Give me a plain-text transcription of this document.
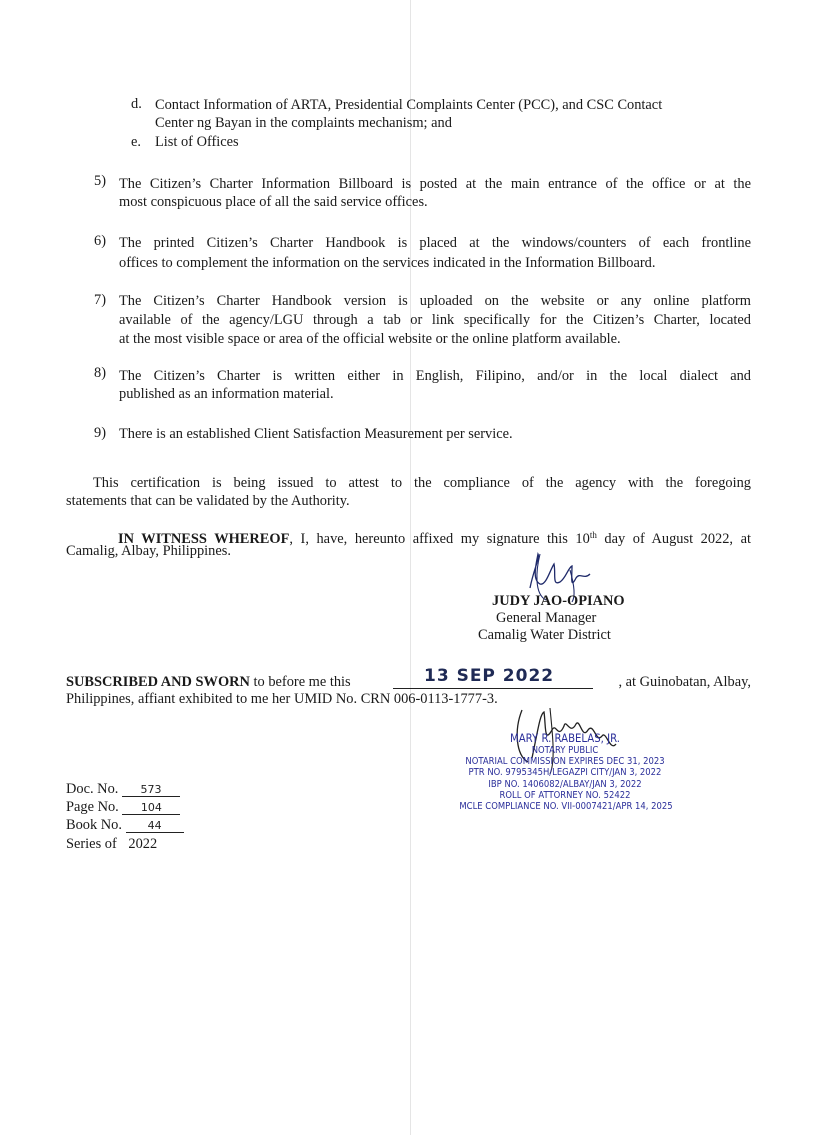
d. Contact Information of ARTA, Presidential Complaints Center (PCC), and CSC Contact
Center ng Bayan in the complaints mechanism; and
e. List of Offices
5) The Citizen’s Charter Information Billboard is posted at the main entrance of the office or at the
most conspicuous place of all the said service offices.
6) The printed Citizen’s Charter Handbook is placed at the windows/counters of each frontline
offices to complement the information on the services indicated in the Information Billboard.
7) The Citizen’s Charter Handbook version is uploaded on the website or any online platform
available of the agency/LGU through a tab or link specifically for the Citizen’s Charter, located
at the most visible space or area of the official website or the online platform available.
8) The Citizen’s Charter is written either in English, Filipino, and/or in the local dialect and
published as an information material.
9) There is an established Client Satisfaction Measurement per service.
This certification is being issued to attest to the compliance of the agency with the foregoing
statements that can be validated by the Authority.
IN WITNESS WHEREOF, I, have, hereunto affixed my signature this 10th day of August 2022, at
Camalig, Albay, Philippines.
JUDY JAO-OPIANO
General Manager
Camalig Water District
SUBSCRIBED AND SWORN to before me this	13 SEP 2022	, at Guinobatan, Albay,
Philippines, affiant exhibited to me her UMID No. CRN 006-0113-1777-3.
MARY R. RABELAS, JR.
NOTARY PUBLIC
NOTARIAL COMMISSION EXPIRES DEC 31, 2023
PTR NO. 9795345H/LEGAZPI CITY/JAN 3, 2022
IBP NO. 1406082/ALBAY/JAN 3, 2022
ROLL OF ATTORNEY NO. 52422
MCLE COMPLIANCE NO. VII-0007421/APR 14, 2025
Doc. No. 573
Page No. 104
Book No. 44
Series of 2022
